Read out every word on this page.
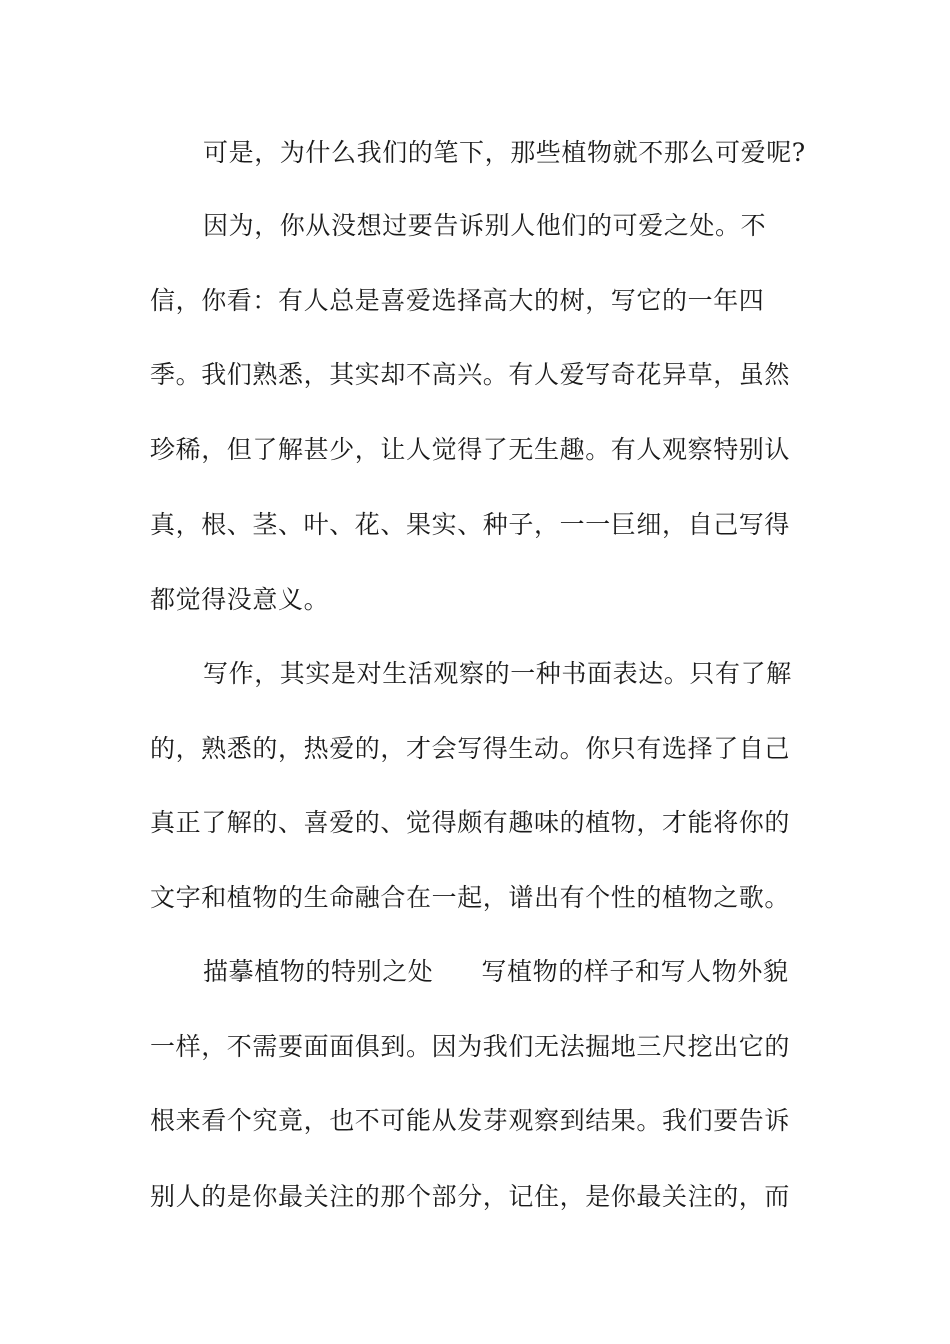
可是，为什么我们的笔下，那些植物就不那么可爱呢?
因为，你从没想过要告诉别人他们的可爱之处。不
信，你看：有人总是喜爱选择高大的树，写它的一年四
季。我们熟悉，其实却不高兴。有人爱写奇花异草，虽然
珍稀，但了解甚少，让人觉得了无生趣。有人观察特别认
真，根、茎、叶、花、果实、种子，一一巨细，自己写得
都觉得没意义。
写作，其实是对生活观察的一种书面表达。只有了解
的，熟悉的，热爱的，才会写得生动。你只有选择了自己
真正了解的、喜爱的、觉得颇有趣味的植物，才能将你的
文字和植物的生命融合在一起，谱出有个性的植物之歌。
描摹植物的特别之处 写植物的样子和写人物外貌
一样，不需要面面俱到。因为我们无法掘地三尺挖出它的
根来看个究竟，也不可能从发芽观察到结果。我们要告诉
别人的是你最关注的那个部分，记住，是你最关注的，而
